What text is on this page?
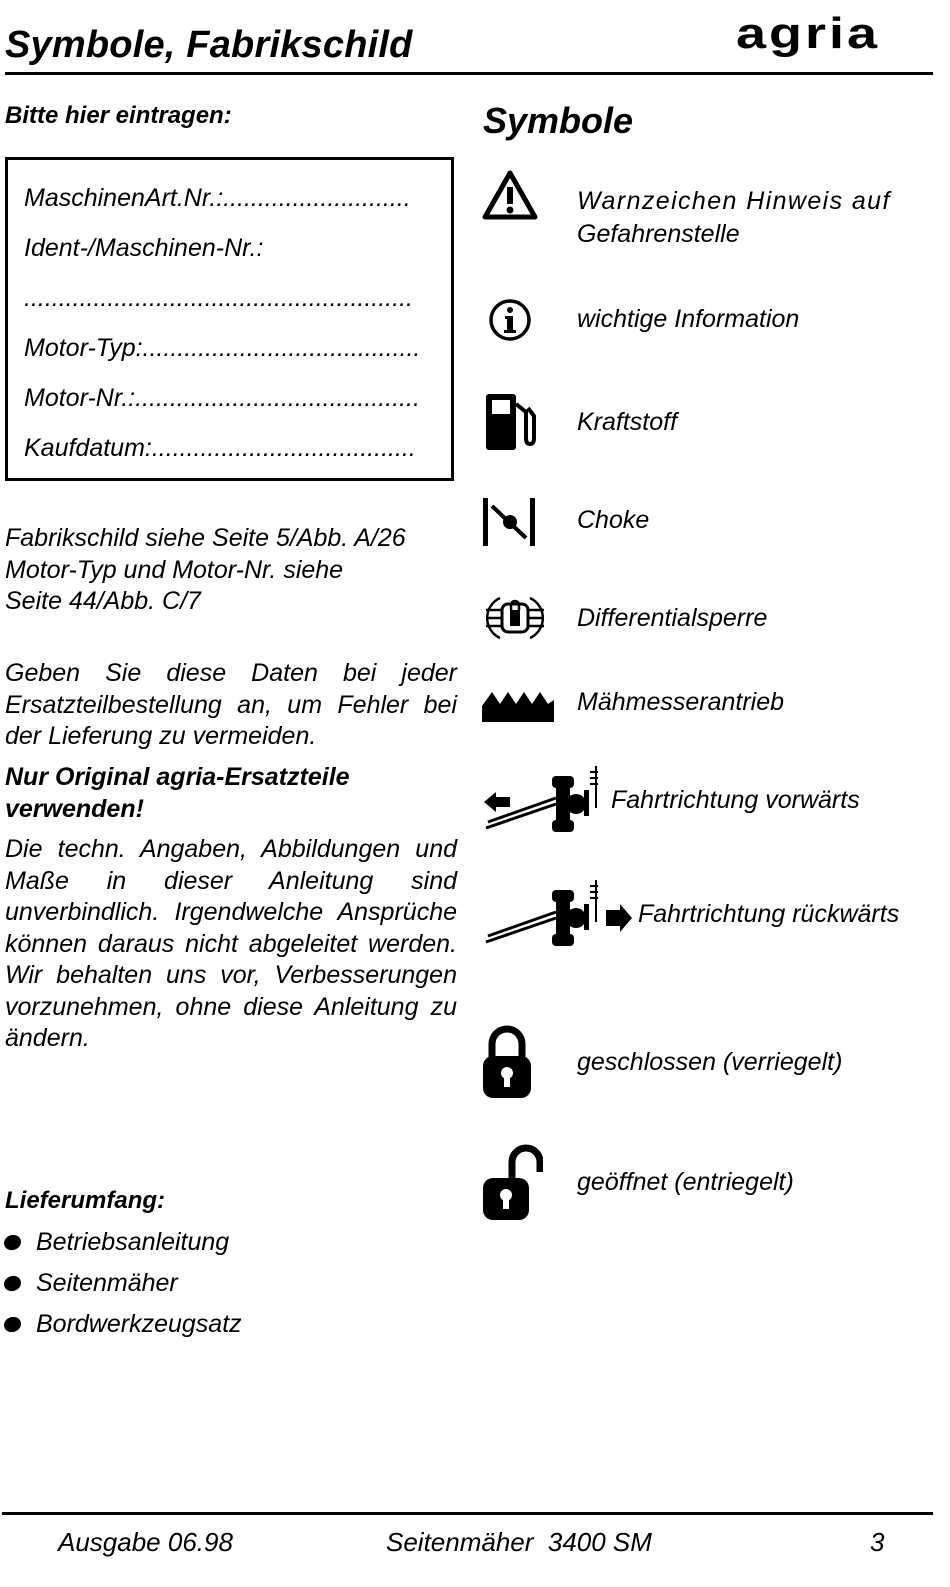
Symbole, Fabrikschild	agria
Bitte hier eintragen:
MaschinenArt.Nr.:...........................
Ident-/Maschinen-Nr.:
........................................................
Motor-Typ:........................................
Motor-Nr.:.........................................
Kaufdatum:......................................
Fabrikschild siehe Seite 5/Abb. A/26
Motor-Typ und Motor-Nr. siehe
Seite 44/Abb. C/7
Geben Sie diese Daten bei jeder Ersatzteilbestellung an, um Fehler bei der Lieferung zu vermeiden.
Nur Original agria-Ersatzteile verwenden!
Die techn. Angaben, Abbildungen und Maße in dieser Anleitung sind unverbindlich. Irgendwelche Ansprüche können daraus nicht abgeleitet werden. Wir behalten uns vor, Verbesserungen vorzunehmen, ohne diese Anleitung zu ändern.
Lieferumfang:
Betriebsanleitung
Seitenmäher
Bordwerkzeugsatz
Symbole
Warnzeichen Hinweis auf
Gefahrenstelle
wichtige Information
Kraftstoff
Choke
Differentialsperre
Mähmesserantrieb
Fahrtrichtung vorwärts
Fahrtrichtung rückwärts
geschlossen (verriegelt)
geöffnet (entriegelt)
Ausgabe 06.98	Seitenmäher  3400 SM	3
